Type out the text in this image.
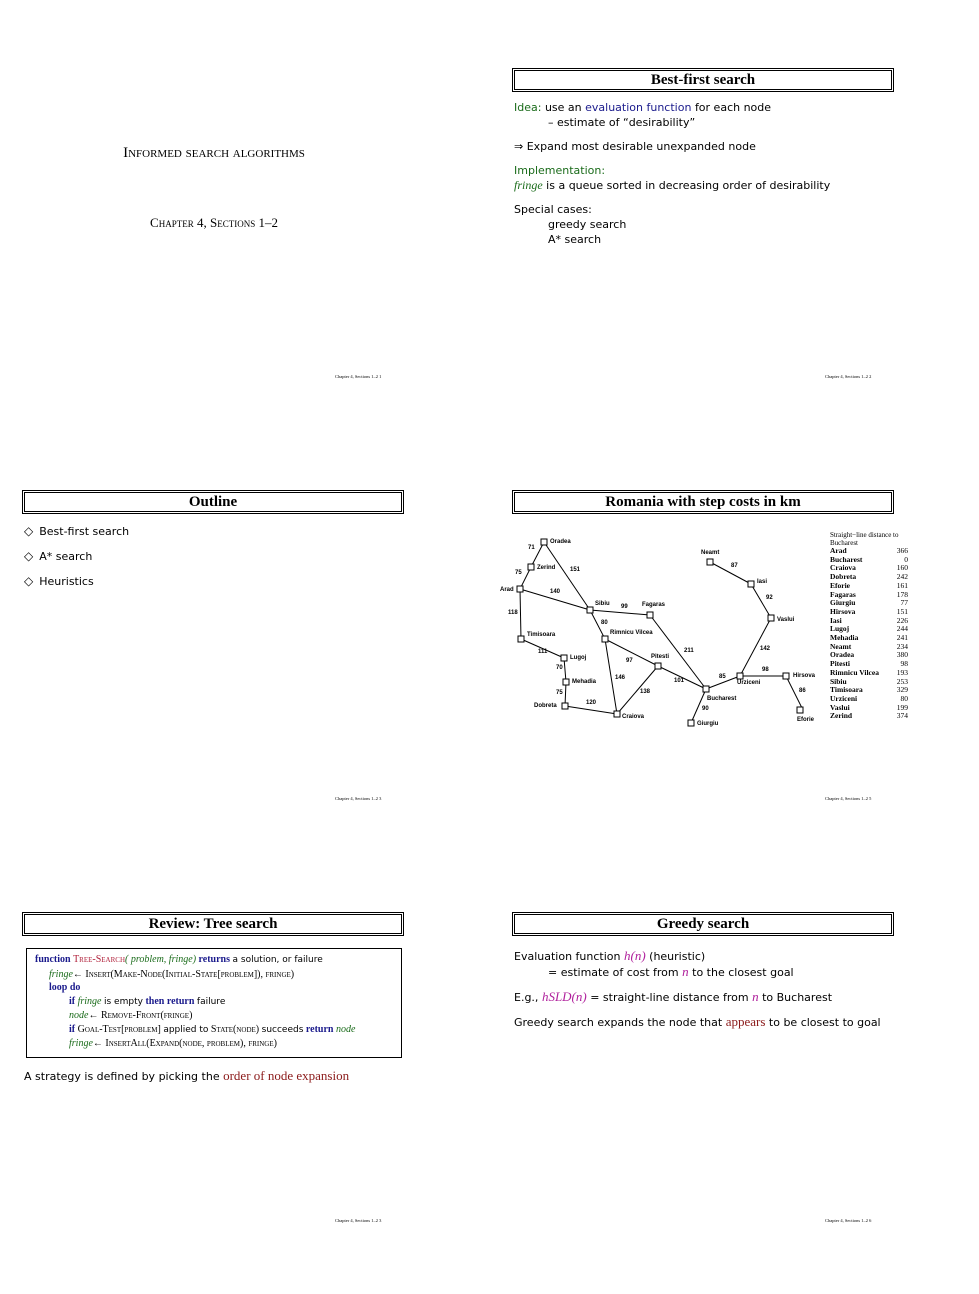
Informed search algorithms
Chapter 4, Sections 1–2
Chapter 4, Sections 1–2 1
Best-first search
Idea: use an evaluation function for each node
– estimate of “desirability”
⇒ Expand most desirable unexpanded node
Implementation:
fringe is a queue sorted in decreasing order of desirability
Special cases:
greedy search
A* search
Chapter 4, Sections 1–2 2
Outline
◇ Best-first search
◇ A* search
◇ Heuristics
Chapter 4, Sections 1–2 3
Romania with step costs in km
Oradea
Zerind
Arad
Timisoara
Lugoj
Mehadia
Dobreta
Craiova
Rimnicu Vilcea
Sibiu	Fagaras
Pitesti
Bucharest
Giurgiu
Urziceni
Hirsova
Eforie
Vaslui
Iasi
Neamt
71
75	151
140
118
111
70
75
120
80
99
97
146
138
211
101
90
85
98
86
142
92
87
Straight−line distance to Bucharest
Arad	366
Bucharest	0
Craiova	160
Dobreta	242
Eforie	161
Fagaras	178
Giurgiu	77
Hirsova	151
Iasi	226
Lugoj	244
Mehadia	241
Neamt	234
Oradea	380
Pitesti	98
Rimnicu Vilcea 193
Sibiu	253
Timisoara	329
Urziceni	80
Vaslui	199
Zerind	374
Chapter 4, Sections 1–2 5
Review: Tree search
function Tree-Search( problem, fringe) returns a solution, or failure
fringe← Insert(Make-Node(Initial-State[problem]), fringe)
loop do
if fringe is empty then return failure
node← Remove-Front(fringe)
if Goal-Test[problem] applied to State(node) succeeds return node
fringe← InsertAll(Expand(node, problem), fringe)
A strategy is defined by picking the order of node expansion
Chapter 4, Sections 1–2 3
Greedy search
Evaluation function h(n) (heuristic)
= estimate of cost from n to the closest goal
E.g., hSLD(n) = straight-line distance from n to Bucharest
Greedy search expands the node that appears to be closest to goal
Chapter 4, Sections 1–2 6
